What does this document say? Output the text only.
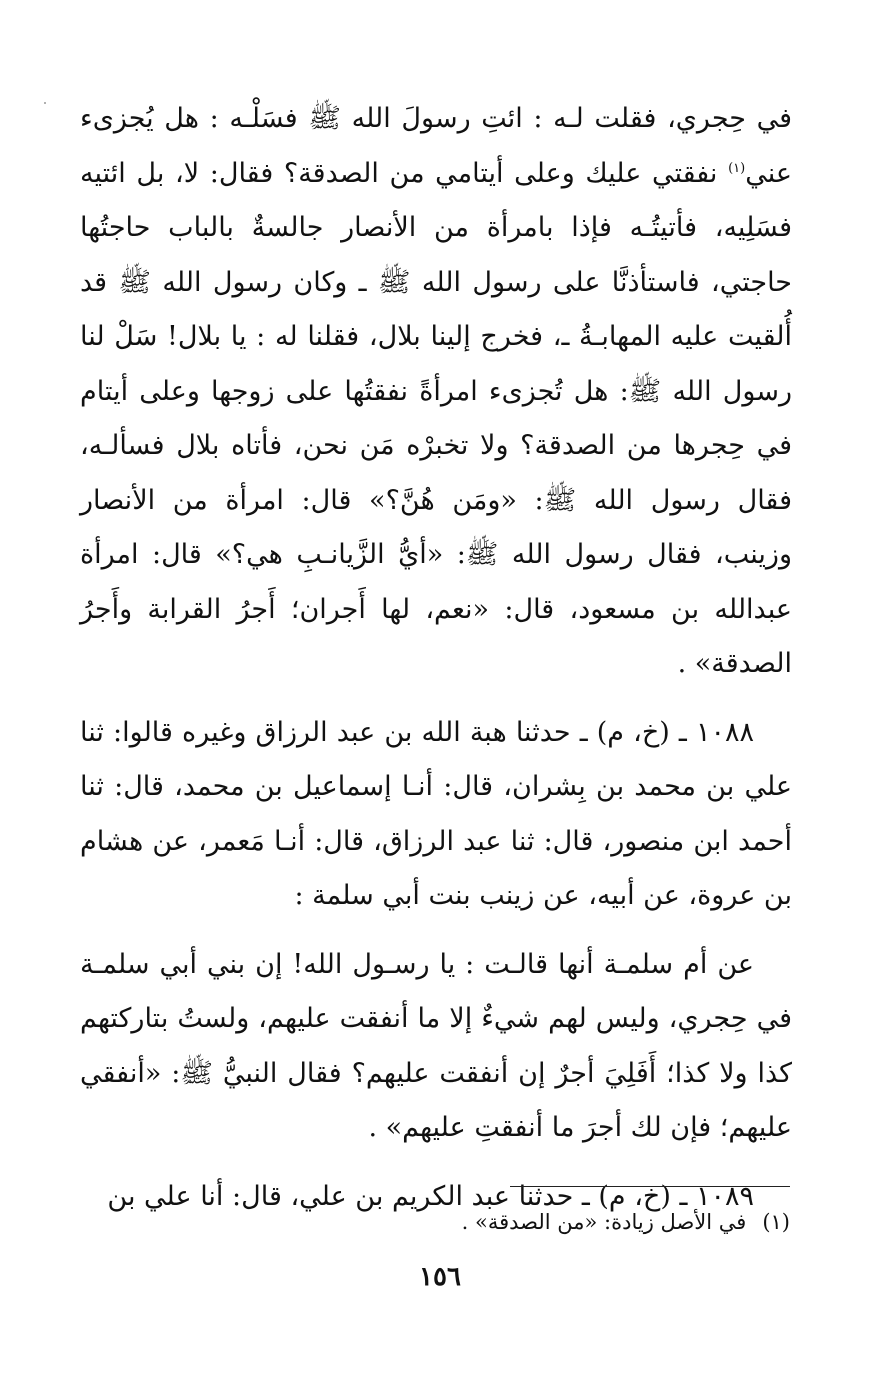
في حِجري، فقلت لـه : ائتِ رسولَ الله ﷺ فسَلْـه : هل يُجزىء عني$^{(١)}$ نفقتي عليك وعلى أيتامي من الصدقة؟ فقال: لا، بل ائتيه فسَلِيه، فأتيتُـه فإذا بامرأة من الأنصار جالسةٌ بالباب حاجتُها حاجتي، فاستأذنَّا على رسول الله ﷺ ـ وكان رسول الله ﷺ قد أُلقيت عليه المهابـةُ ـ، فخرج إلينا بلال، فقلنا له : يا بلال! سَلْ لنا رسول الله ﷺ: هل تُجزىء امرأةً نفقتُها على زوجها وعلى أيتام في حِجرها من الصدقة؟ ولا تخبرْه مَن نحن، فأتاه بلال فسألـه، فقال رسول الله ﷺ: «ومَن هُنَّ؟» قال: امرأة من الأنصار وزينب، فقال رسول الله ﷺ: «أيُّ الزَّيانـبِ هي؟» قال: امرأة عبدالله بن مسعود، قال: «نعم، لها أَجران؛ أَجرُ القرابة وأَجرُ الصدقة» .

١٠٨٨ ـ (خ، م) ـ حدثنا هبة الله بن عبد الرزاق وغيره قالوا: ثنا علي بن محمد بن بِشران، قال: أنـا إسماعيل بن محمد، قال: ثنا أحمد ابن منصور، قال: ثنا عبد الرزاق، قال: أنـا مَعمر، عن هشام بن عروة، عن أبيه، عن زينب بنت أبي سلمة :

عن أم سلمـة أنها قالـت : يا رسـول الله! إن بني أبي سلمـة في حِجري، وليس لهم شيءٌ إلا ما أنفقت عليهم، ولستُ بتاركتهم كذا ولا كذا؛ أَفَلِيَ أجرٌ إن أنفقت عليهم؟ فقال النبيُّ ﷺ: «أنفقي عليهم؛ فإن لك أجرَ ما أنفقتِ عليهم» .

١٠٨٩ ـ (خ، م) ـ حدثنا عبد الكريم بن علي، قال: أنا علي بن

(١)في الأصل زيادة: «من الصدقة» .

١٥٦
